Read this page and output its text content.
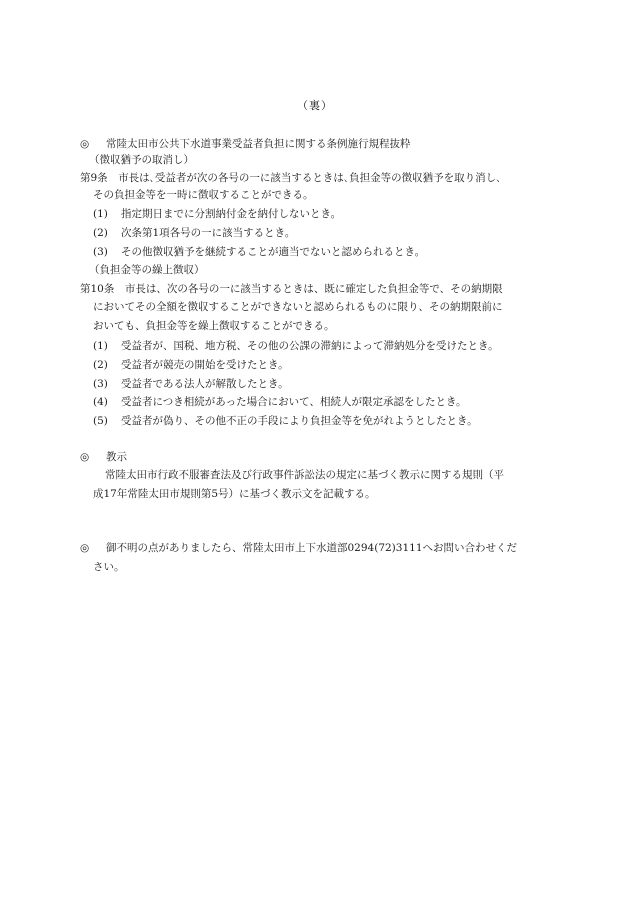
（裏）
◎ 常陸太田市公共下水道事業受益者負担に関する条例施行規程抜粋
（徴収猶予の取消し）
第9条　市長は､受益者が次の各号の一に該当するときは､負担金等の徴収猶予を取り消し､
その負担金等を一時に徴収することができる。
(1) 指定期日までに分割納付金を納付しないとき。
(2) 次条第1項各号の一に該当するとき。
(3) その他徴収猶予を継続することが適当でないと認められるとき。
（負担金等の繰上徴収）
第10条　市長は、次の各号の一に該当するときは、既に確定した負担金等で、その納期限
においてその全額を徴収することができないと認められるものに限り、その納期限前に
おいても、負担金等を繰上徴収することができる。
(1) 受益者が、国税、地方税、その他の公課の滞納によって滞納処分を受けたとき。
(2) 受益者が競売の開始を受けたとき。
(3) 受益者である法人が解散したとき。
(4) 受益者につき相続があった場合において、相続人が限定承認をしたとき。
(5) 受益者が偽り、その他不正の手段により負担金等を免がれようとしたとき。
◎ 教示
常陸太田市行政不服審査法及び行政事件訴訟法の規定に基づく教示に関する規則（平
成17年常陸太田市規則第5号）に基づく教示文を記載する。
◎ 御不明の点がありましたら、常陸太田市上下水道部0294(72)3111へお問い合わせくだ
さい。
